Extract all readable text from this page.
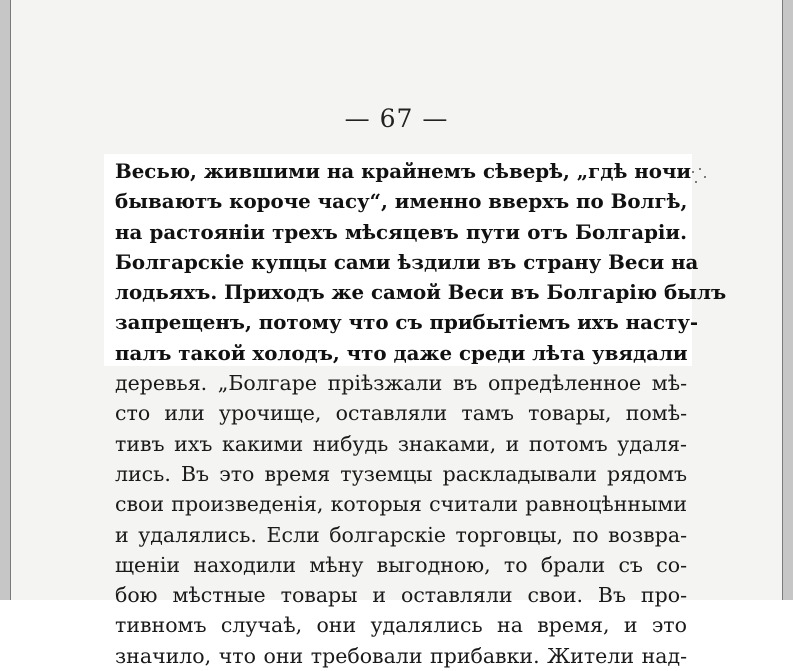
— 67 —
Весью, жившими на крайнемъ сѣверѣ, „гдѣ ночи
бываютъ короче часу“, именно вверхъ по Волгѣ,
на растояніи трехъ мѣсяцевъ пути отъ Болгаріи.
Болгарскіе купцы сами ѣздили въ страну Веси на
лодьяхъ. Приходъ же самой Веси въ Болгарію былъ
запрещенъ, потому что съ прибытіемъ ихъ насту-
палъ такой холодъ, что даже среди лѣта увядали
деревья. „Болгаре пріѣзжали въ опредѣленное мѣ-
сто или урочище, оставляли тамъ товары, помѣ-
тивъ ихъ какими нибудь знаками, и потомъ удаля-
лись. Въ это время туземцы раскладывали рядомъ
свои произведенія, которыя считали равноцѣнными
и удалялись. Если болгарскіе торговцы, по возвра-
щеніи находили мѣну выгодною, то брали съ со-
бою мѣстные товары и оставляли свои. Въ про-
тивномъ случаѣ, они удалялись на время, и это
значило, что они требовали прибавки. Жители над-
